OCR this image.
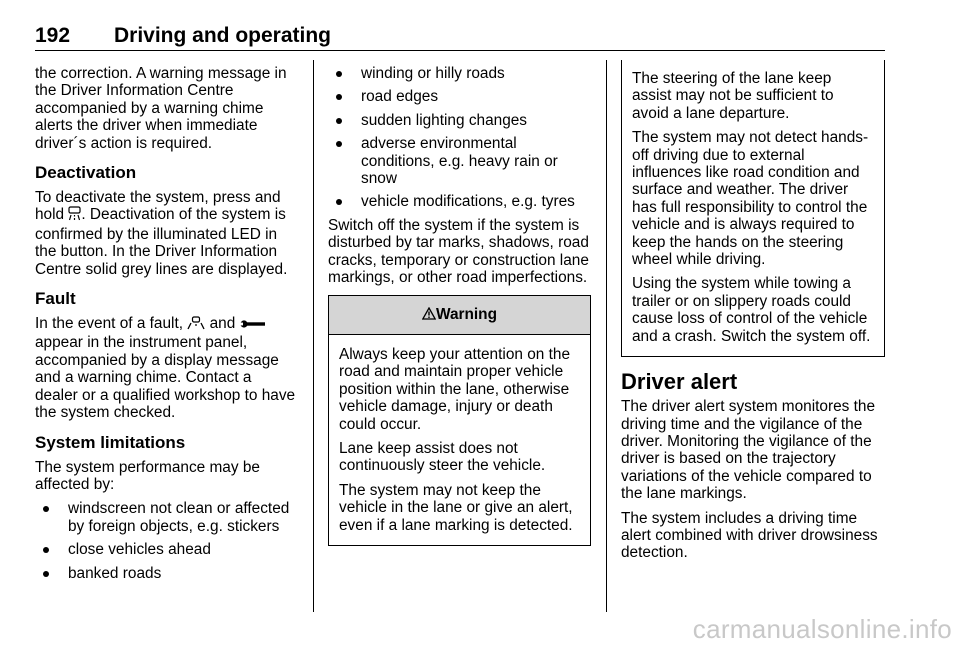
192 Driving and operating

the correction. A warning message in the Driver Information Centre accompanied by a warning chime alerts the driver when immediate driver´s action is required.

Deactivation

To deactivate the system, press and hold . Deactivation of the system is confirmed by the illuminated LED in the button. In the Driver Information Centre solid grey lines are displayed.

Fault

In the event of a fault,  and  appear in the instrument panel, accompanied by a display message and a warning chime. Contact a dealer or a qualified workshop to have the system checked.

System limitations

The system performance may be affected by:

windscreen not clean or affected by foreign objects, e.g. stickers
close vehicles ahead
banked roads
winding or hilly roads
road edges
sudden lighting changes
adverse environmental conditions, e.g. heavy rain or snow
vehicle modifications, e.g. tyres

Switch off the system if the system is disturbed by tar marks, shadows, road cracks, temporary or construction lane markings, or other road imperfections.

Warning

Always keep your attention on the road and maintain proper vehicle position within the lane, otherwise vehicle damage, injury or death could occur.

Lane keep assist does not continuously steer the vehicle.

The system may not keep the vehicle in the lane or give an alert, even if a lane marking is detected.

The steering of the lane keep assist may not be sufficient to avoid a lane departure.

The system may not detect hands-off driving due to external influences like road condition and surface and weather. The driver has full responsibility to control the vehicle and is always required to keep the hands on the steering wheel while driving.

Using the system while towing a trailer or on slippery roads could cause loss of control of the vehicle and a crash. Switch the system off.

Driver alert

The driver alert system monitores the driving time and the vigilance of the driver. Monitoring the vigilance of the driver is based on the trajectory variations of the vehicle compared to the lane markings.

The system includes a driving time alert combined with driver drowsiness detection.

carmanualsonline.info
